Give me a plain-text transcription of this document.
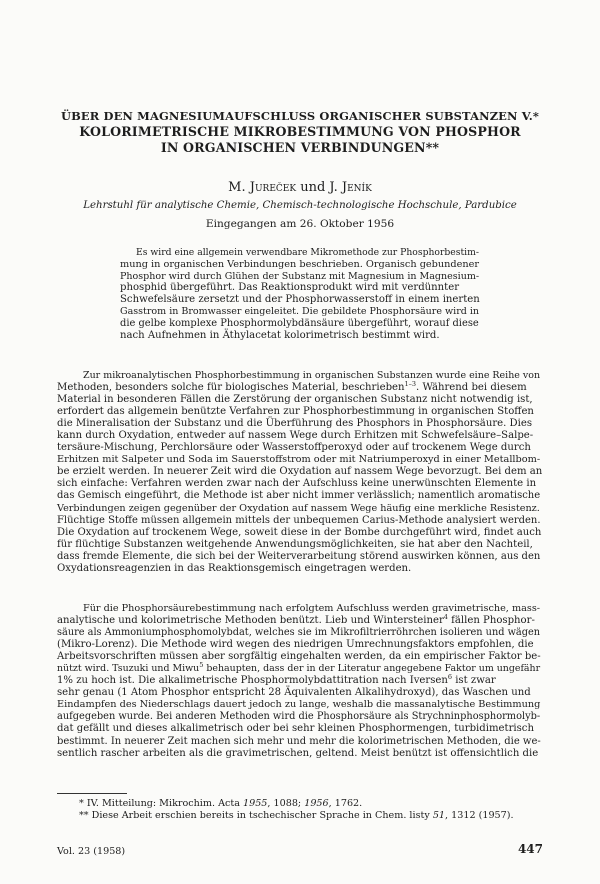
ÜBER DEN MAGNESIUMAUFSCHLUSS ORGANISCHER SUBSTANZEN V.*
KOLORIMETRISCHE MIKROBESTIMMUNG VON PHOSPHOR
IN ORGANISCHEN VERBINDUNGEN**
M. Jureček und J. Jeník
Lehrstuhl für analytische Chemie, Chemisch-technologische Hochschule, Pardubice
Eingegangen am 26. Oktober 1956
Es wird eine allgemein verwendbare Mikromethode zur Phosphorbestim-
mung in organischen Verbindungen beschrieben. Organisch gebundener
Phosphor wird durch Glühen der Substanz mit Magnesium in Magnesium-
phosphid übergeführt. Das Reaktionsprodukt wird mit verdünnter
Schwefelsäure zersetzt und der Phosphorwasserstoff in einem inerten
Gasstrom in Bromwasser eingeleitet. Die gebildete Phosphorsäure wird in
die gelbe komplexe Phosphormolybdänsäure übergeführt, worauf diese
nach Aufnehmen in Äthylacetat kolorimetrisch bestimmt wird.
Zur mikroanalytischen Phosphorbestimmung in organischen Substanzen wurde eine Reihe von
Methoden, besonders solche für biologisches Material, beschrieben$^{1-3}$. Während bei diesem
Material in besonderen Fällen die Zerstörung der organischen Substanz nicht notwendig ist,
erfordert das allgemein benützte Verfahren zur Phosphorbestimmung in organischen Stoffen
die Mineralisation der Substanz und die Überführung des Phosphors in Phosphorsäure. Dies
kann durch Oxydation, entweder auf nassem Wege durch Erhitzen mit Schwefelsäure–Salpe-
tersäure-Mischung, Perchlorsäure oder Wasserstoffperoxyd oder auf trockenem Wege durch
Erhitzen mit Salpeter und Soda im Sauerstoffstrom oder mit Natriumperoxyd in einer Metallbom-
be erzielt werden. In neuerer Zeit wird die Oxydation auf nassem Wege bevorzugt. Bei dem an
sich einfache: Verfahren werden zwar nach der Aufschluss keine unerwünschten Elemente in
das Gemisch eingeführt, die Methode ist aber nicht immer verlässlich; namentlich aromatische
Verbindungen zeigen gegenüber der Oxydation auf nassem Wege häufig eine merkliche Resistenz.
Flüchtige Stoffe müssen allgemein mittels der unbequemen Carius-Methode analysiert werden.
Die Oxydation auf trockenem Wege, soweit diese in der Bombe durchgeführt wird, findet auch
für flüchtige Substanzen weitgehende Anwendungsmöglichkeiten, sie hat aber den Nachteil,
dass fremde Elemente, die sich bei der Weiterverarbeitung störend auswirken können, aus den
Oxydationsreagenzien in das Reaktionsgemisch eingetragen werden.
Für die Phosphorsäurebestimmung nach erfolgtem Aufschluss werden gravimetrische, mass-
analytische und kolorimetrische Methoden benützt. Lieb und Wintersteiner$^4$ fällen Phosphor-
säure als Ammoniumphosphomolybdat, welches sie im Mikrofiltrierröhrchen isolieren und wägen
(Mikro-Lorenz). Die Methode wird wegen des niedrigen Umrechnungsfaktors empfohlen, die
Arbeitsvorschriften müssen aber sorgfältig eingehalten werden, da ein empirischer Faktor be-
nützt wird. Tsuzuki und Miwu$^5$ behaupten, dass der in der Literatur angegebene Faktor um ungefähr
1% zu hoch ist. Die alkalimetrische Phosphormolybdattitration nach Iversen$^6$ ist zwar
sehr genau (1 Atom Phosphor entspricht 28 Äquivalenten Alkalihydroxyd), das Waschen und
Eindampfen des Niederschlags dauert jedoch zu lange, weshalb die massanalytische Bestimmung
aufgegeben wurde. Bei anderen Methoden wird die Phosphorsäure als Strychninphosphormolyb-
dat gefällt und dieses alkalimetrisch oder bei sehr kleinen Phosphormengen, turbidimetrisch
bestimmt. In neuerer Zeit machen sich mehr und mehr die kolorimetrischen Methoden, die we-
sentlich rascher arbeiten als die gravimetrischen, geltend. Meist benützt ist offensichtlich die
* IV. Mitteilung: Mikrochim. Acta 1955, 1088; 1956, 1762.
** Diese Arbeit erschien bereits in tschechischer Sprache in Chem. listy 51, 1312 (1957).
Vol. 23 (1958)	447
